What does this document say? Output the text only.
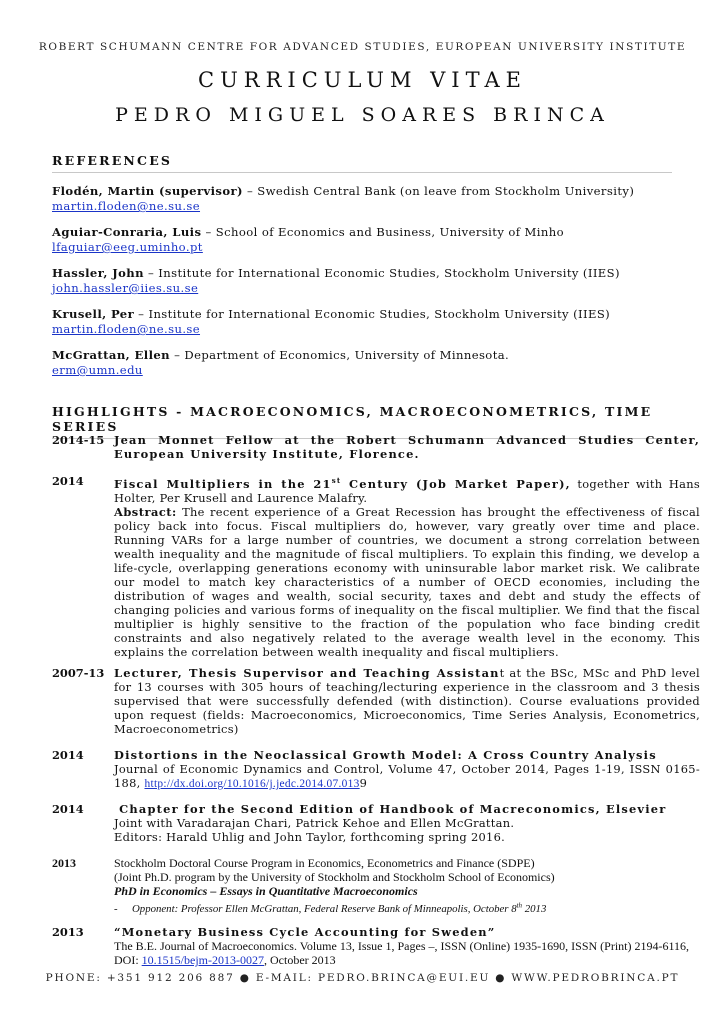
ROBERT SCHUMANN CENTRE FOR ADVANCED STUDIES, EUROPEAN UNIVERSITY INSTITUTE
CURRICULUM VITAE
PEDRO MIGUEL SOARES BRINCA
REFERENCES
Flodén, Martin (supervisor) – Swedish Central Bank (on leave from Stockholm University)
martin.floden@ne.su.se
Aguiar-Conraria, Luis – School of Economics and Business, University of Minho
lfaguiar@eeg.uminho.pt
Hassler, John – Institute for International Economic Studies, Stockholm University (IIES)
john.hassler@iies.su.se
Krusell, Per – Institute for International Economic Studies, Stockholm University (IIES)
martin.floden@ne.su.se
McGrattan, Ellen – Department of Economics, University of Minnesota.
erm@umn.edu
HIGHLIGHTS - MACROECONOMICS, MACROECONOMETRICS, TIME SERIES
2014-15 Jean Monnet Fellow at the Robert Schumann Advanced Studies Center, European University Institute, Florence.
2014	Fiscal Multipliers in the 21st Century (Job Market Paper), together with Hans Holter, Per Krusell and Laurence Malafry.
Abstract: The recent experience of a Great Recession has brought the effectiveness of fiscal policy back into focus. Fiscal multipliers do, however, vary greatly over time and place. Running VARs for a large number of countries, we document a strong correlation between wealth inequality and the magnitude of fiscal multipliers. To explain this finding, we develop a life-cycle, overlapping generations economy with uninsurable labor market risk. We calibrate our model to match key characteristics of a number of OECD economies, including the distribution of wages and wealth, social security, taxes and debt and study the effects of changing policies and various forms of inequality on the fiscal multiplier. We find that the fiscal multiplier is highly sensitive to the fraction of the population who face binding credit constraints and also negatively related to the average wealth level in the economy. This explains the correlation between wealth inequality and fiscal multipliers.
2007-13 Lecturer, Thesis Supervisor and Teaching Assistant at the BSc, MSc and PhD level for 13 courses with 305 hours of teaching/lecturing experience in the classroom and 3 thesis supervised that were successfully defended (with distinction). Course evaluations provided upon request (fields: Macroeconomics, Microeconomics, Time Series Analysis, Econometrics, Macroeconometrics)
2014	Distortions in the Neoclassical Growth Model: A Cross Country Analysis
Journal of Economic Dynamics and Control, Volume 47, October 2014, Pages 1-19, ISSN 0165-188, http://dx.doi.org/10.1016/j.jedc.2014.07.0139
2014	Chapter for the Second Edition of Handbook of Macreconomics, Elsevier
Joint with Varadarajan Chari, Patrick Kehoe and Ellen McGrattan.
Editors: Harald Uhlig and John Taylor, forthcoming spring 2016.
2013	Stockholm Doctoral Course Program in Economics, Econometrics and Finance (SDPE)
(Joint Ph.D. program by the University of Stockholm and Stockholm School of Economics)
PhD in Economics – Essays in Quantitative Macroeconomics
- Opponent: Professor Ellen McGrattan, Federal Reserve Bank of Minneapolis, October 8th 2013
2013	“Monetary Business Cycle Accounting for Sweden”
The B.E. Journal of Macroeconomics. Volume 13, Issue 1, Pages –, ISSN (Online) 1935-1690, ISSN (Print) 2194-6116, DOI: 10.1515/bejm-2013-0027, October 2013
PHONE: +351 912 206 887 ● E-MAIL: PEDRO.BRINCA@EUI.EU ● WWW.PEDROBRINCA.PT
